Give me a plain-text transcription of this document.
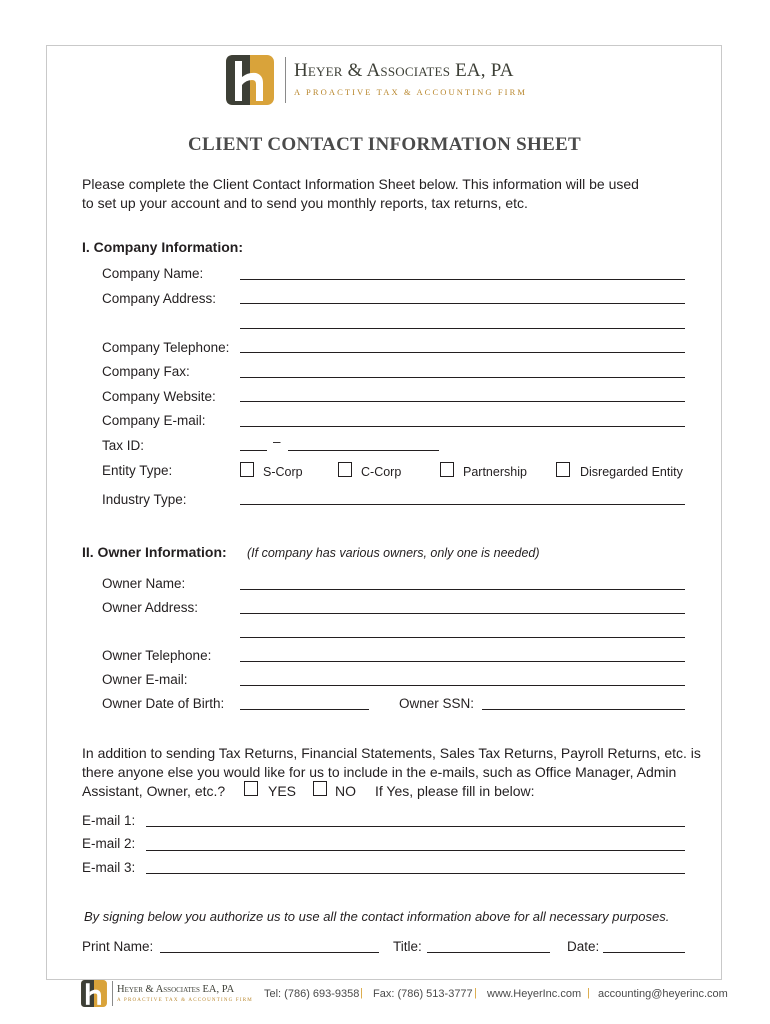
Heyer & Associates EA, PA
A PROACTIVE TAX & ACCOUNTING FIRM
CLIENT CONTACT INFORMATION SHEET
Please complete the Client Contact Information Sheet below. This information will be used
to set up your account and to send you monthly reports, tax returns, etc.
I. Company Information:
Company Name:
Company Address:
Company Telephone:
Company Fax:
Company Website:
Company E-mail:
Tax ID:	–
Entity Type:	S-Corp	C-Corp	Partnership	Disregarded Entity
Industry Type:
II. Owner Information: (If company has various owners, only one is needed)
Owner Name:
Owner Address:
Owner Telephone:
Owner E-mail:
Owner Date of Birth:	Owner SSN:
In addition to sending Tax Returns, Financial Statements, Sales Tax Returns, Payroll Returns, etc. is
there anyone else you would like for us to include in the e-mails, such as Office Manager, Admin
Assistant, Owner, etc.?	YES	NO If Yes, please fill in below:
E-mail 1:
E-mail 2:
E-mail 3:
By signing below you authorize us to use all the contact information above for all necessary purposes.
Print Name:	Title:	Date:
Heyer & Associates EA, PA
A PROACTIVE TAX & ACCOUNTING FIRM
Tel: (786) 693-9358 | Fax: (786) 513-3777 | www.HeyerInc.com | accounting@heyerinc.com
